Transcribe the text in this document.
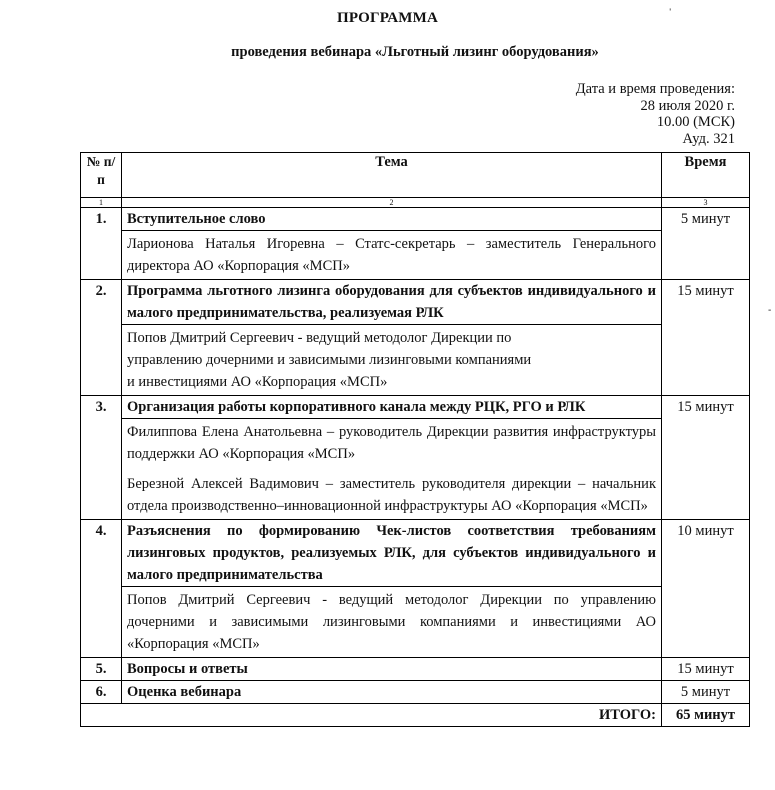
ПРОГРАММА
проведения вебинара «Льготный лизинг оборудования»
Дата и время проведения:
28 июля 2020 г.
10.00 (МСК)
Ауд. 321
ˌ
-
№ п/п	Тема	Время
1	2	3
1.	Вступительное слово	5 минут

	Ларионова Наталья Игоревна – Статс-секретарь – заместитель Генерального директора АО «Корпорация «МСП»	

2.	Программа льготного лизинга оборудования для субъектов индивидуального и малого предпринимательства, реализуемая РЛК	15 минут

	Попов Дмитрий Сергеевич - ведущий методолог Дирекции по управлению дочерними и зависимыми лизинговыми компаниями и инвестициями АО «Корпорация «МСП»	

3.	Организация работы корпоративного канала между РЦК, РГО и РЛК	15 минут

	Филиппова Елена Анатольевна – руководитель Дирекции развития инфраструктуры поддержки АО «Корпорация «МСП»
Березной Алексей Вадимович – заместитель руководителя дирекции – начальник отдела производственно–инновационной инфраструктуры АО «Корпорация «МСП»	

4.	Разъяснения по формированию Чек-листов соответствия требованиям лизинговых продуктов, реализуемых РЛК, для субъектов индивидуального и малого предпринимательства	10 минут

	Попов Дмитрий Сергеевич - ведущий методолог Дирекции по управлению дочерними и зависимыми лизинговыми компаниями и инвестициями АО «Корпорация «МСП»	

5.	Вопросы и ответы	15 минут
6.	Оценка вебинара	5 минут
ИТОГО:		65 минут
